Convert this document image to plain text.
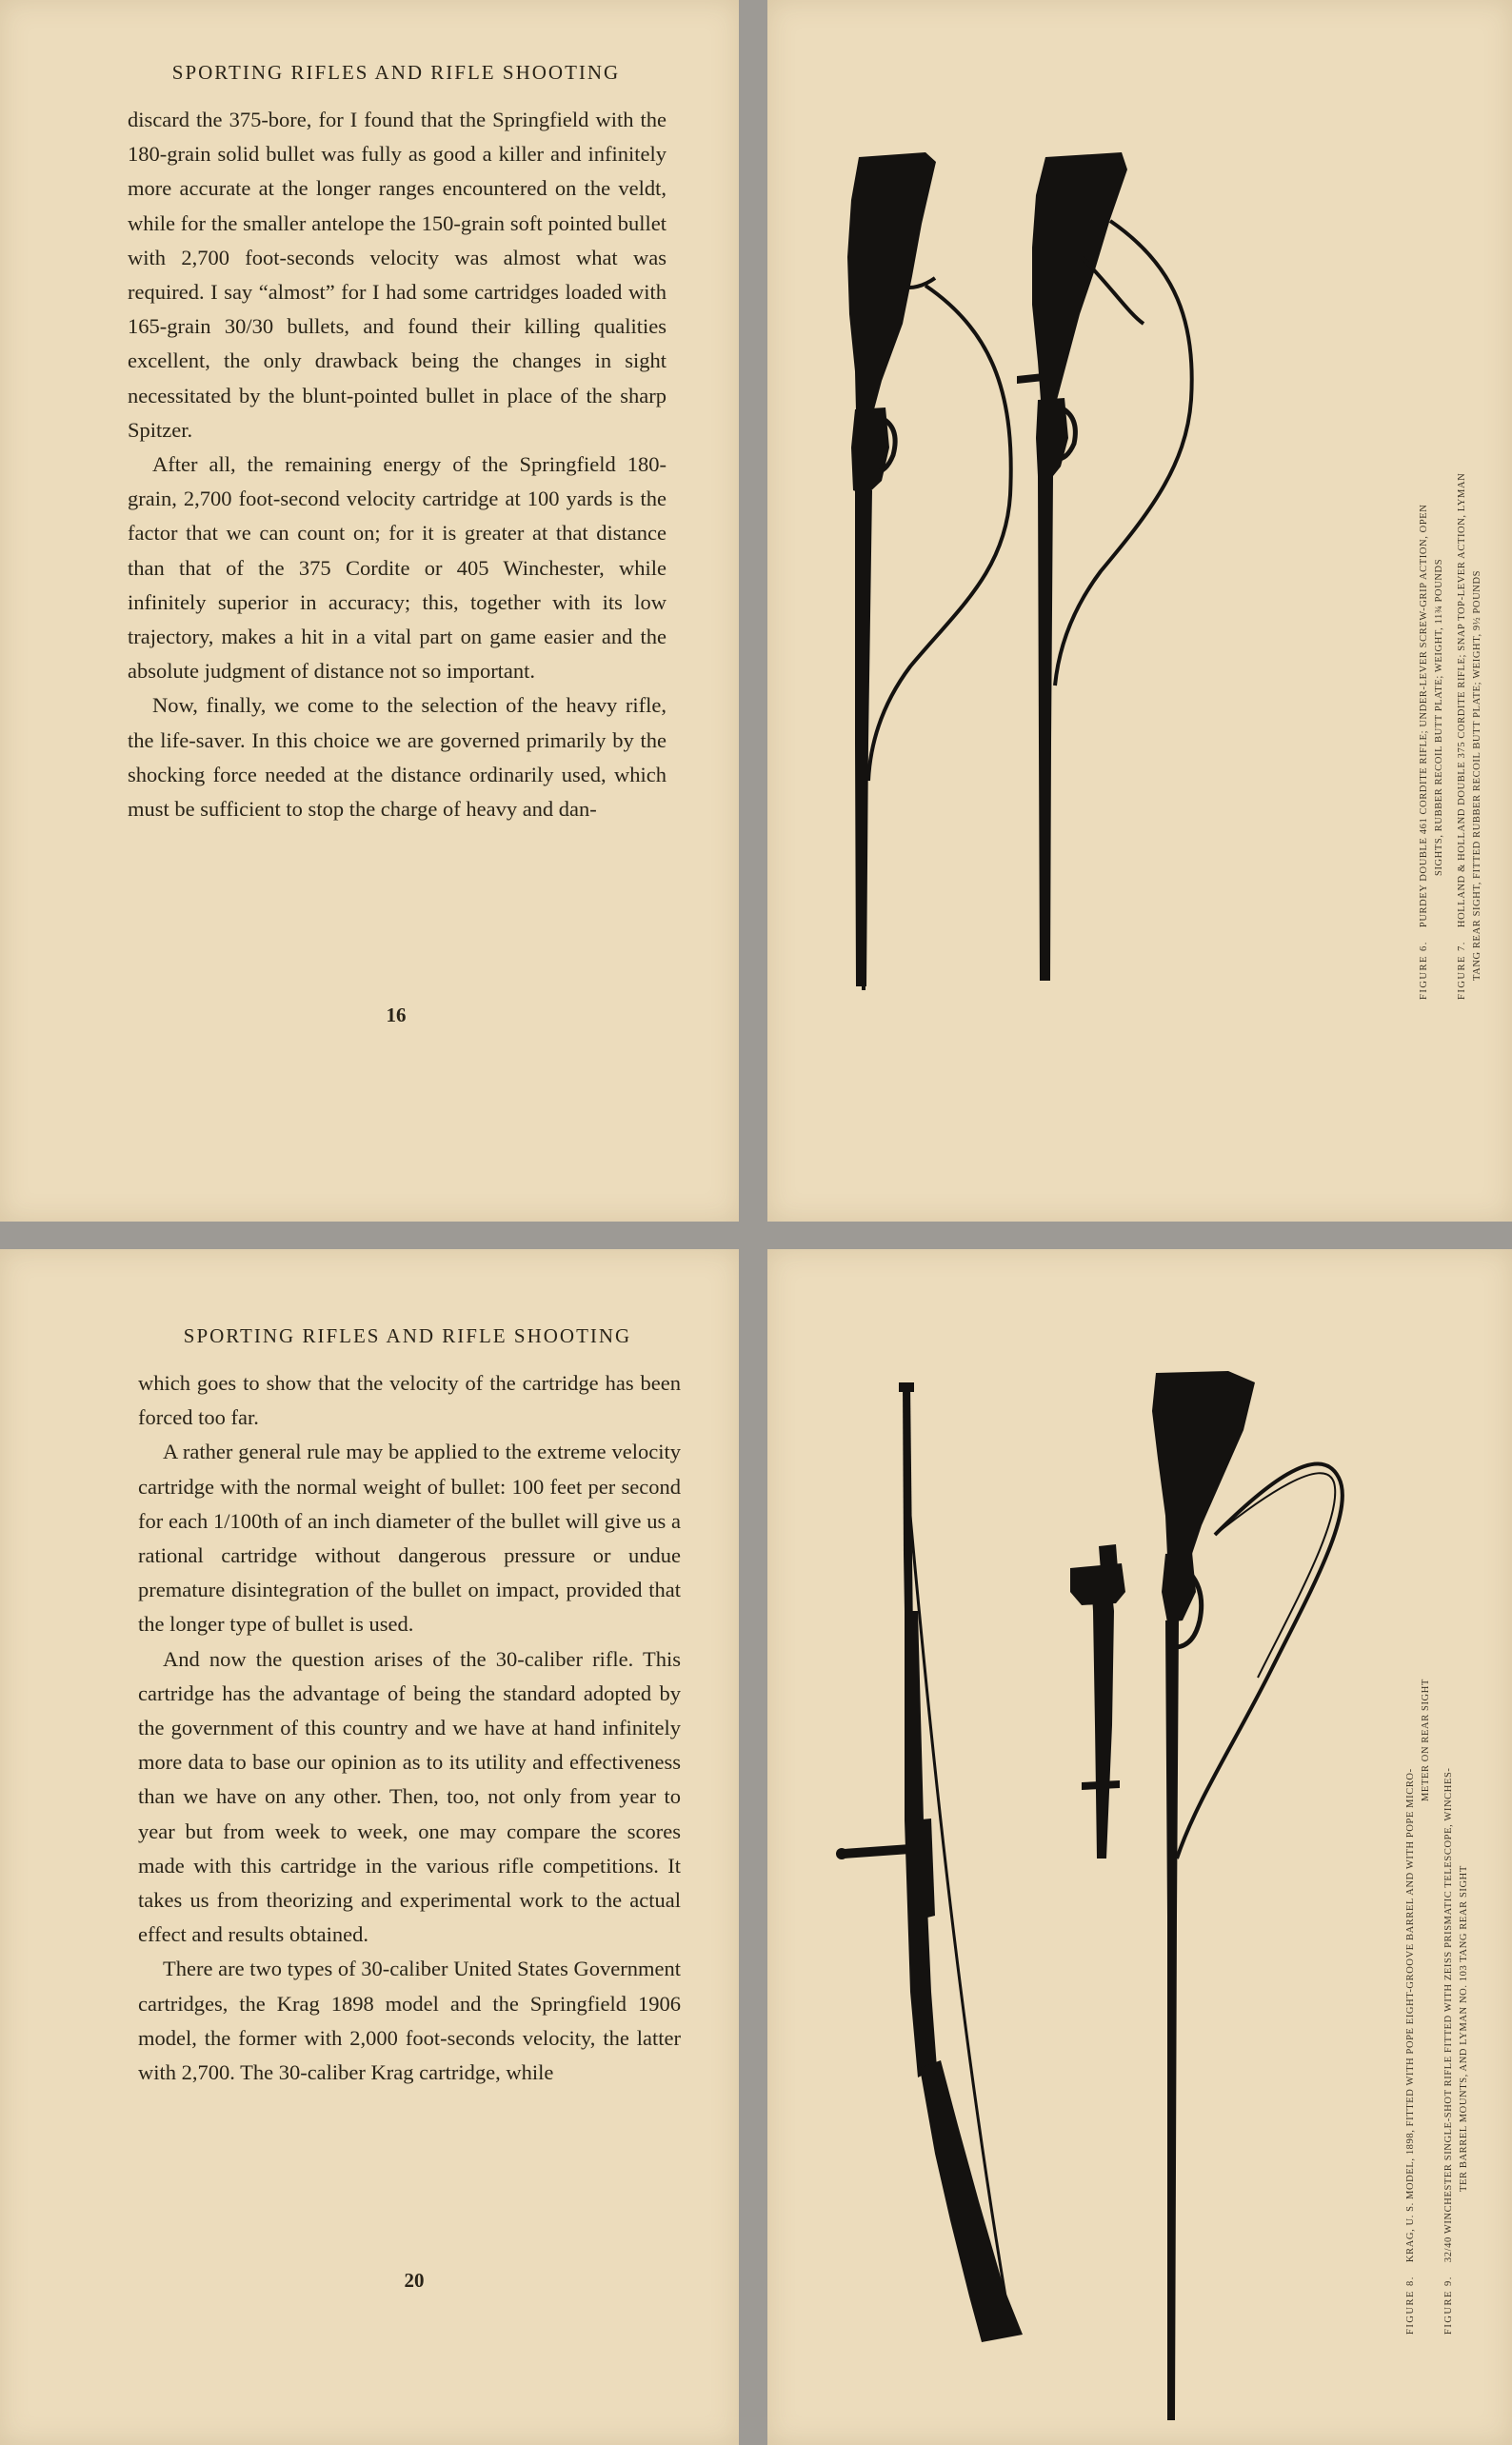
SPORTING RIFLES AND RIFLE SHOOTING

discard the 375-bore, for I found that the Springfield with the 180-grain solid bullet was fully as good a killer and infinitely more accurate at the longer ranges encountered on the veldt, while for the smaller antelope the 150-grain soft pointed bullet with 2,700 foot-seconds velocity was almost what was required. I say “almost” for I had some cartridges loaded with 165-grain 30/30 bullets, and found their killing qualities excellent, the only drawback being the changes in sight necessitated by the blunt-pointed bullet in place of the sharp Spitzer.

After all, the remaining energy of the Springfield 180-grain, 2,700 foot-second velocity cartridge at 100 yards is the factor that we can count on; for it is greater at that distance than that of the 375 Cordite or 405 Winchester, while infinitely superior in accuracy; this, together with its low trajectory, makes a hit in a vital part on game easier and the absolute judgment of distance not so important.

Now, finally, we come to the selection of the heavy rifle, the life-saver. In this choice we are governed primarily by the shocking force needed at the distance ordinarily used, which must be sufficient to stop the charge of heavy and dan-

16
FIGURE 6.PURDEY DOUBLE 461 CORDITE RIFLE; UNDER-LEVER SCREW-GRIP ACTION, OPEN SIGHTS, RUBBER RECOIL BUTT PLATE; WEIGHT, 11¾ POUNDS
FIGURE 7.HOLLAND & HOLLAND DOUBLE 375 CORDITE RIFLE; SNAP TOP-LEVER ACTION, LYMAN TANG REAR SIGHT, FITTED RUBBER RECOIL BUTT PLATE; WEIGHT, 9½ POUNDS
SPORTING RIFLES AND RIFLE SHOOTING

which goes to show that the velocity of the cartridge has been forced too far.

A rather general rule may be applied to the extreme velocity cartridge with the normal weight of bullet: 100 feet per second for each 1/100th of an inch diameter of the bullet will give us a rational cartridge without dangerous pressure or undue premature disintegration of the bullet on impact, provided that the longer type of bullet is used.

And now the question arises of the 30-caliber rifle. This cartridge has the advantage of being the standard adopted by the government of this country and we have at hand infinitely more data to base our opinion as to its utility and effectiveness than we have on any other. Then, too, not only from year to year but from week to week, one may compare the scores made with this cartridge in the various rifle competitions. It takes us from theorizing and experimental work to the actual effect and results obtained.

There are two types of 30-caliber United States Government cartridges, the Krag 1898 model and the Springfield 1906 model, the former with 2,000 foot-seconds velocity, the latter with 2,700. The 30-caliber Krag cartridge, while

20	FIGURE 8.KRAG, U. S. MODEL, 1898, FITTED WITH POPE EIGHT-GROOVE BARREL AND WITH POPE MICRO-
METER ON REAR SIGHT
FIGURE 9.32/40 WINCHESTER SINGLE-SHOT RIFLE FITTED WITH ZEISS PRISMATIC TELESCOPE, WINCHES- TER BARREL MOUNTS, AND LYMAN NO. 103 TANG REAR SIGHT
